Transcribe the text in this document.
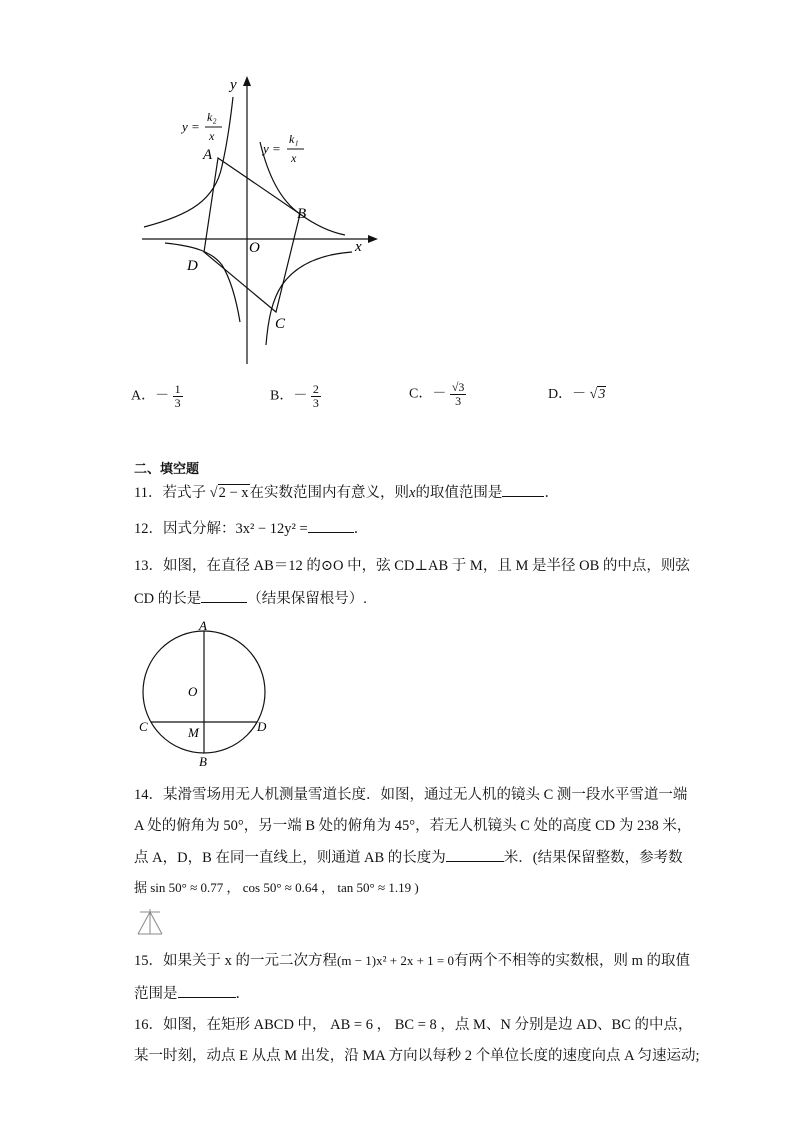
y
x
O
A
B
C
D
y =
k₂
x
y =
k₁
x
A．－ $\frac{1}{3}$	B．－ $\frac{2}{3}$	C．－ $\frac{√3}{3}$	D．－ √3
二、填空题
11．若式子 √2 − x在实数范围内有意义，则x的取值范围是	．
12．因式分解：3x² − 12y² =	．
13．如图，在直径 AB＝12 的⊙O 中，弦 CD⊥AB 于 M，且 M 是半径 OB 的中点，则弦
CD 的长是	（结果保留根号）.
A
O
C	M	D
B
14．某滑雪场用无人机测量雪道长度．如图，通过无人机的镜头 C 测一段水平雪道一端
A 处的俯角为 50°，另一端 B 处的俯角为 45°，若无人机镜头 C 处的高度 CD 为 238 米，
点 A，D，B 在同一直线上，则通道 AB 的长度为	米．(结果保留整数，参考数
据 sin 50° ≈ 0.77 ， cos 50° ≈ 0.64 ， tan 50° ≈ 1.19 )
15．如果关于 x 的一元二次方程(m − 1)x² + 2x + 1 = 0有两个不相等的实数根，则 m 的取值
范围是	．
16．如图，在矩形 ABCD 中， AB = 6 ， BC = 8 ，点 M、N 分别是边 AD、BC 的中点，
某一时刻，动点 E 从点 M 出发，沿 MA 方向以每秒 2 个单位长度的速度向点 A 匀速运动;
